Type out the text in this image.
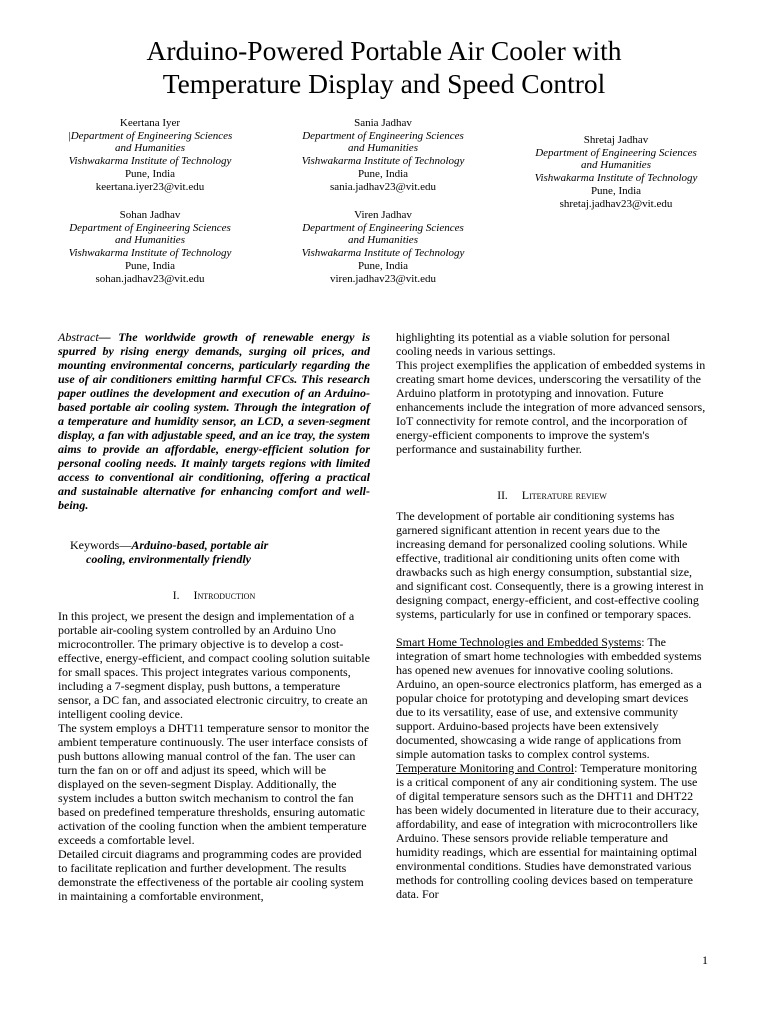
Arduino-Powered Portable Air Cooler with
Temperature Display and Speed Control
Keertana Iyer
|Department of Engineering Sciences
and Humanities
Vishwakarma Institute of Technology
Pune, India
keertana.iyer23@vit.edu
Sania Jadhav
Department of Engineering Sciences
and Humanities
Vishwakarma Institute of Technology
Pune, India
sania.jadhav23@vit.edu
Shretaj Jadhav
Department of Engineering Sciences
and Humanities
Vishwakarma Institute of Technology
Pune, India
shretaj.jadhav23@vit.edu
Sohan Jadhav
Department of Engineering Sciences
and Humanities
Vishwakarma Institute of Technology
Pune, India
sohan.jadhav23@vit.edu
Viren Jadhav
Department of Engineering Sciences
and Humanities
Vishwakarma Institute of Technology
Pune, India
viren.jadhav23@vit.edu

Abstract— The worldwide growth of renewable energy is spurred by rising energy demands, surging oil prices, and mounting environmental concerns, particularly regarding the use of air conditioners emitting harmful CFCs. This research paper outlines the development and execution of an Arduino-based portable air cooling system. Through the integration of a temperature and humidity sensor, an LCD, a seven-segment display, a fan with adjustable speed, and an ice tray, the system aims to provide an affordable, energy-efficient solution for personal cooling needs. It mainly targets regions with limited access to conventional air conditioning, offering a practical and sustainable alternative for enhancing comfort and well-being.

Keywords—Arduino-based, portable air
cooling, environmentally friendly

I. Introduction

In this project, we present the design and implementation of a portable air-cooling system controlled by an Arduino Uno microcontroller. The primary objective is to develop a cost-effective, energy-efficient, and compact cooling solution suitable for small spaces. This project integrates various components, including a 7-segment display, push buttons, a temperature sensor, a DC fan, and associated electronic circuitry, to create an intelligent cooling device.

The system employs a DHT11 temperature sensor to monitor the ambient temperature continuously. The user interface consists of push buttons allowing manual control of the fan. The user can turn the fan on or off and adjust its speed, which will be displayed on the seven-segment Display. Additionally, the system includes a button switch mechanism to control the fan based on predefined temperature thresholds, ensuring automatic activation of the cooling function when the ambient temperature exceeds a comfortable level.

Detailed circuit diagrams and programming codes are provided to facilitate replication and further development. The results demonstrate the effectiveness of the portable air cooling system in maintaining a comfortable environment,

highlighting its potential as a viable solution for personal cooling needs in various settings.

This project exemplifies the application of embedded systems in creating smart home devices, underscoring the versatility of the Arduino platform in prototyping and innovation. Future enhancements include the integration of more advanced sensors, IoT connectivity for remote control, and the incorporation of energy-efficient components to improve the system's performance and sustainability further.

II. Literature review

The development of portable air conditioning systems has garnered significant attention in recent years due to the increasing demand for personalized cooling solutions. While effective, traditional air conditioning units often come with drawbacks such as high energy consumption, substantial size, and significant cost. Consequently, there is a growing interest in designing compact, energy-efficient, and cost-effective cooling systems, particularly for use in confined or temporary spaces.

Smart Home Technologies and Embedded Systems: The integration of smart home technologies with embedded systems has opened new avenues for innovative cooling solutions. Arduino, an open-source electronics platform, has emerged as a popular choice for prototyping and developing smart devices due to its versatility, ease of use, and extensive community support. Arduino-based projects have been extensively documented, showcasing a wide range of applications from simple automation tasks to complex control systems.

Temperature Monitoring and Control: Temperature monitoring is a critical component of any air conditioning system. The use of digital temperature sensors such as the DHT11 and DHT22 has been widely documented in literature due to their accuracy, affordability, and ease of integration with microcontrollers like Arduino. These sensors provide reliable temperature and humidity readings, which are essential for maintaining optimal environmental conditions. Studies have demonstrated various methods for controlling cooling devices based on temperature data. For

1
